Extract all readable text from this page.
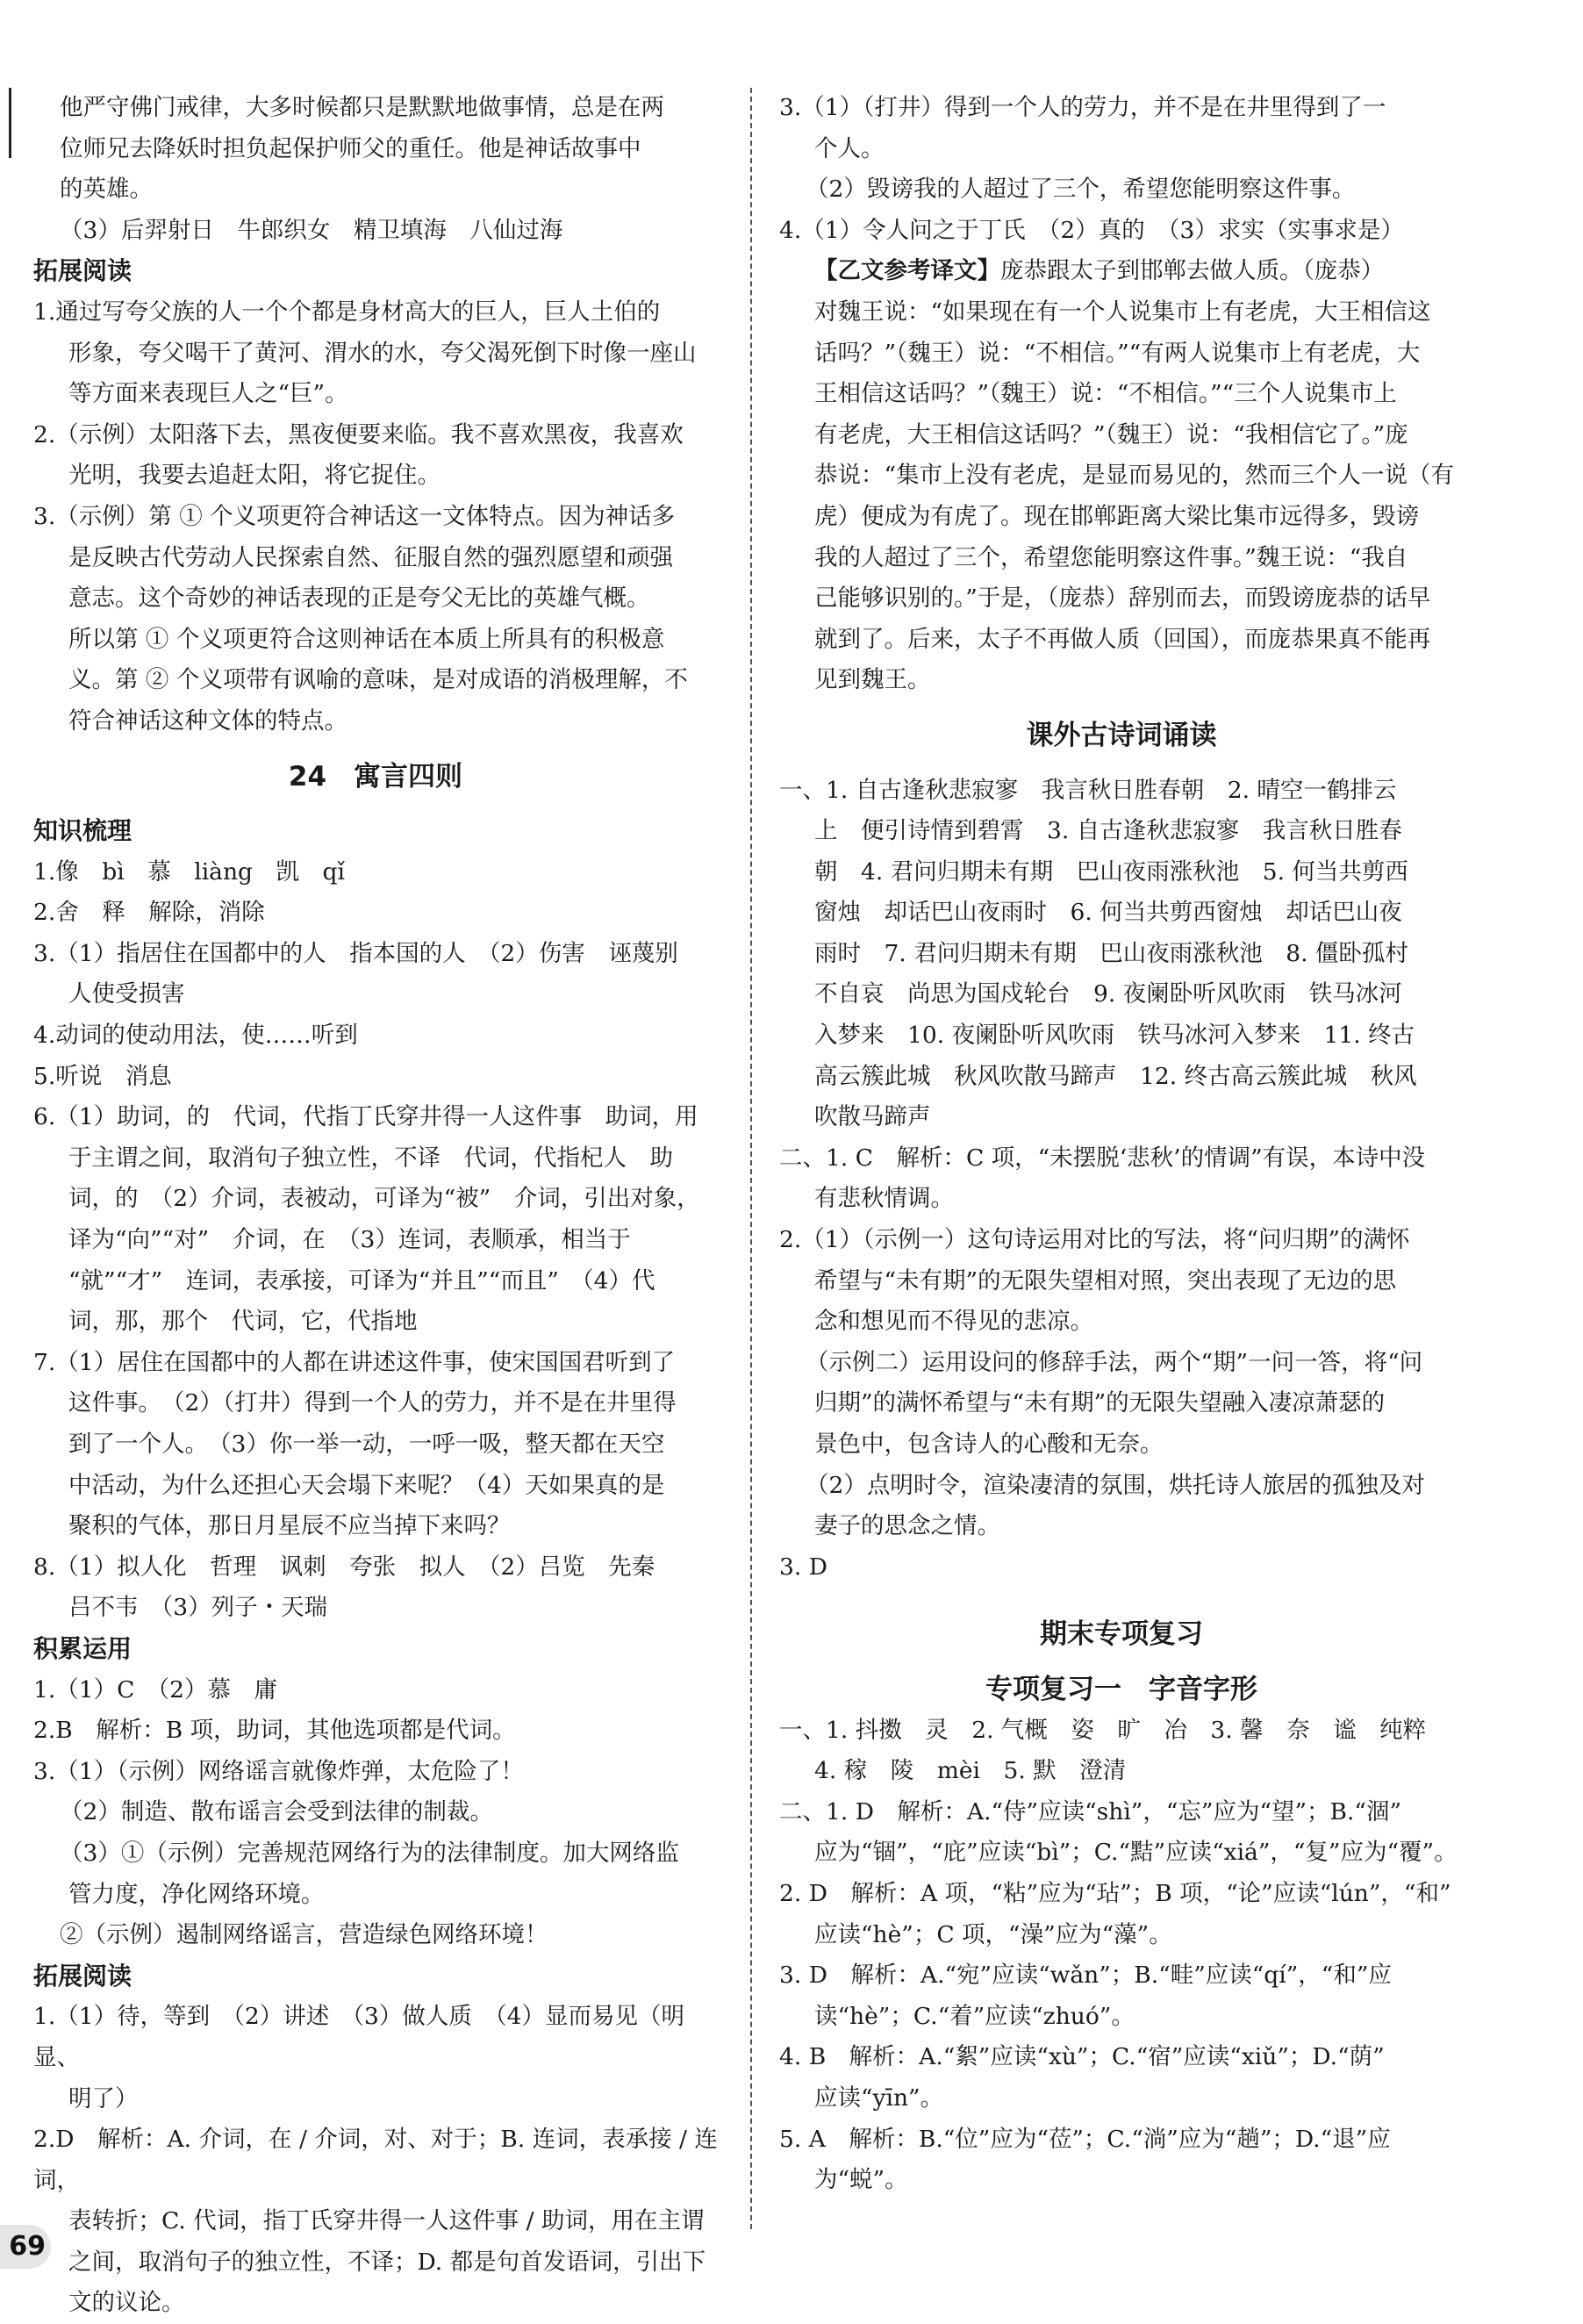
他严守佛门戒律，大多时候都只是默默地做事情，总是在两

位师兄去降妖时担负起保护师父的重任。他是神话故事中

的英雄。

（3）后羿射日　牛郎织女　精卫填海　八仙过海

拓展阅读

1.通过写夸父族的人一个个都是身材高大的巨人，巨人土伯的

形象，夸父喝干了黄河、渭水的水，夸父渴死倒下时像一座山

等方面来表现巨人之“巨”。

2.（示例）太阳落下去，黑夜便要来临。我不喜欢黑夜，我喜欢

光明，我要去追赶太阳，将它捉住。

3.（示例）第 ① 个义项更符合神话这一文体特点。因为神话多

是反映古代劳动人民探索自然、征服自然的强烈愿望和顽强

意志。这个奇妙的神话表现的正是夸父无比的英雄气概。

所以第 ① 个义项更符合这则神话在本质上所具有的积极意

义。第 ② 个义项带有讽喻的意味，是对成语的消极理解，不

符合神话这种文体的特点。

24　寓言四则

知识梳理

1.像　bì　慕　liàng　凯　qǐ

2.舍　释　解除，消除

3.（1）指居住在国都中的人　指本国的人　（2）伤害　诬蔑别

人使受损害

4.动词的使动用法，使……听到

5.听说　消息

6.（1）助词，的　代词，代指丁氏穿井得一人这件事　助词，用

于主谓之间，取消句子独立性，不译　代词，代指杞人　助

词，的　（2）介词，表被动，可译为“被”　介词，引出对象，

译为“向”“对”　介词，在　（3）连词，表顺承，相当于

“就”“才”　连词，表承接，可译为“并且”“而且”　（4）代

词，那，那个　代词，它，代指地

7.（1）居住在国都中的人都在讲述这件事，使宋国国君听到了

这件事。　（2）（打井）得到一个人的劳力，并不是在井里得

到了一个人。　（3）你一举一动，一呼一吸，整天都在天空

中活动，为什么还担心天会塌下来呢？（4）天如果真的是

聚积的气体，那日月星辰不应当掉下来吗？

8.（1）拟人化　哲理　讽刺　夸张　拟人　（2）吕览　先秦

吕不韦　（3）列子・天瑞

积累运用

1.（1）C　（2）慕　庸

2.B　解析：B 项，助词，其他选项都是代词。

3.（1）（示例）网络谣言就像炸弹，太危险了！

（2）制造、散布谣言会受到法律的制裁。

（3）①（示例）完善规范网络行为的法律制度。加大网络监

管力度，净化网络环境。

②（示例）遏制网络谣言，营造绿色网络环境！

拓展阅读

1.（1）待，等到　（2）讲述　（3）做人质　（4）显而易见（明显、

明了）

2.D　解析：A. 介词，在 / 介词，对、对于；B. 连词，表承接 / 连词，

表转折；C. 代词，指丁氏穿井得一人这件事 / 助词，用在主谓

之间，取消句子的独立性，不译；D. 都是句首发语词，引出下

文的议论。

3.（1）（打井）得到一个人的劳力，并不是在井里得到了一

个人。

（2）毁谤我的人超过了三个，希望您能明察这件事。

4.（1）令人问之于丁氏　（2）真的　（3）求实（实事求是）

【乙文参考译文】庞恭跟太子到邯郸去做人质。（庞恭）

对魏王说：“如果现在有一个人说集市上有老虎，大王相信这

话吗？”（魏王）说：“不相信。”“有两人说集市上有老虎，大

王相信这话吗？”（魏王）说：“不相信。”“三个人说集市上

有老虎，大王相信这话吗？”（魏王）说：“我相信它了。”庞

恭说：“集市上没有老虎，是显而易见的，然而三个人一说（有

虎）便成为有虎了。现在邯郸距离大梁比集市远得多，毁谤

我的人超过了三个，希望您能明察这件事。”魏王说：“我自

己能够识别的。”于是，（庞恭）辞别而去，而毁谤庞恭的话早

就到了。后来，太子不再做人质（回国），而庞恭果真不能再

见到魏王。

课外古诗词诵读

一、1. 自古逢秋悲寂寥　我言秋日胜春朝　2. 晴空一鹤排云

上　便引诗情到碧霄　3. 自古逢秋悲寂寥　我言秋日胜春

朝　4. 君问归期未有期　巴山夜雨涨秋池　5. 何当共剪西

窗烛　却话巴山夜雨时　6. 何当共剪西窗烛　却话巴山夜

雨时　7. 君问归期未有期　巴山夜雨涨秋池　8. 僵卧孤村

不自哀　尚思为国戍轮台　9. 夜阑卧听风吹雨　铁马冰河

入梦来　10. 夜阑卧听风吹雨　铁马冰河入梦来　11. 终古

高云簇此城　秋风吹散马蹄声　12. 终古高云簇此城　秋风

吹散马蹄声

二、1. C　解析：C 项，“未摆脱‘悲秋’的情调”有误，本诗中没

有悲秋情调。

2.（1）（示例一）这句诗运用对比的写法，将“问归期”的满怀

希望与“未有期”的无限失望相对照，突出表现了无边的思

念和想见而不得见的悲凉。

（示例二）运用设问的修辞手法，两个“期”一问一答，将“问

归期”的满怀希望与“未有期”的无限失望融入凄凉萧瑟的

景色中，包含诗人的心酸和无奈。

（2）点明时令，渲染凄清的氛围，烘托诗人旅居的孤独及对

妻子的思念之情。

3. D

期末专项复习

专项复习一　字音字形

一、1. 抖擞　灵　2. 气概　姿　旷　冶　3. 馨　奈　谧　纯粹

4. 稼　陵　mèi　5. 默　澄清

二、1. D　解析：A.“侍”应读“shì”，“忘”应为“望”；B.“涸”

应为“锢”，“庇”应读“bì”；C.“黠”应读“xiá”，“复”应为“覆”。

2. D　解析：A 项，“粘”应为“玷”；B 项，“论”应读“lún”，“和”

应读“hè”；C 项，“澡”应为“藻”。

3. D　解析：A.“宛”应读“wǎn”；B.“畦”应读“qí”，“和”应

读“hè”；C.“着”应读“zhuó”。

4. B　解析：A.“絮”应读“xù”；C.“宿”应读“xiǔ”；D.“荫”

应读“yīn”。

5. A　解析：B.“位”应为“莅”；C.“淌”应为“趟”；D.“退”应

为“蜕”。

69
